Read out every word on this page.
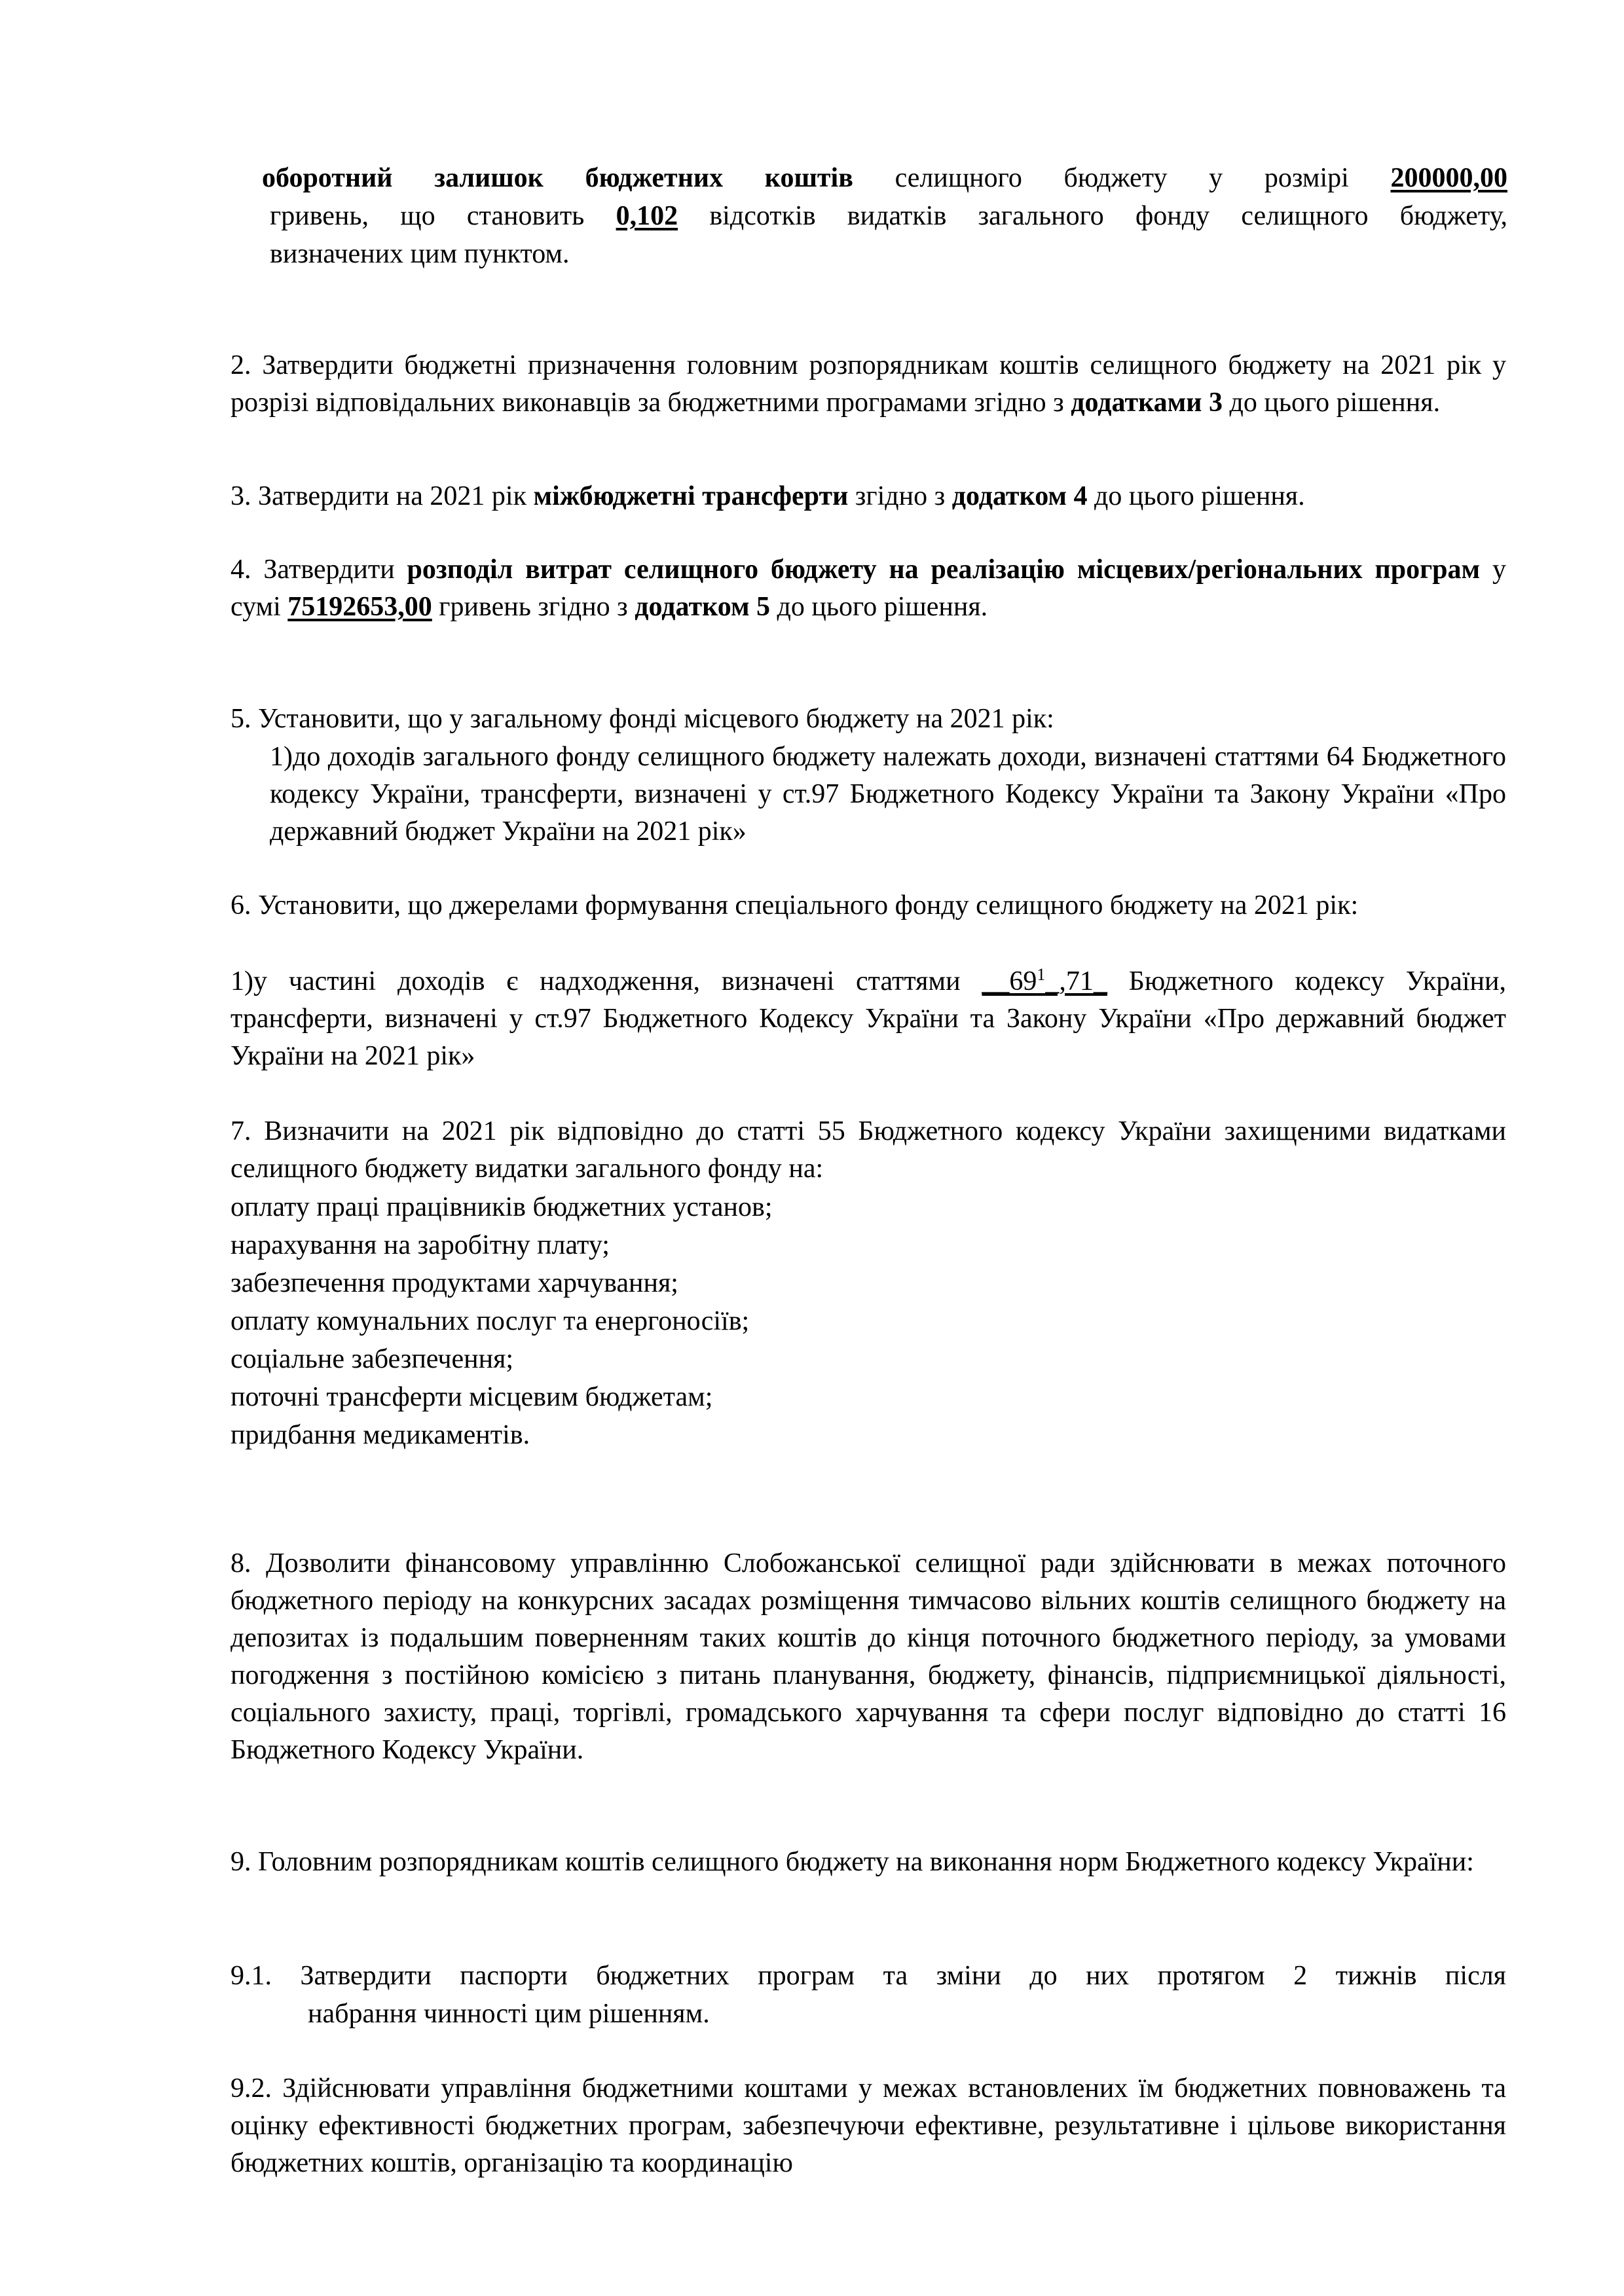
оборотний залишок бюджетних коштів селищного бюджету у розмірі 200000,00
гривень, що становить 0,102 відсотків видатків загального фонду селищного бюджету,
визначених цим пунктом.

2. Затвердити бюджетні призначення головним розпорядникам коштів селищного бюджету на 2021 рік у розрізі відповідальних виконавців за бюджетними програмами згідно з додатками 3 до цього рішення.

3. Затвердити на 2021 рік міжбюджетні трансферти згідно з додатком 4 до цього рішення.

4. Затвердити розподіл витрат селищного бюджету на реалізацію місцевих/регіональних програм у сумі 75192653,00 гривень згідно з додатком 5 до цього рішення.

5. Установити, що у загальному фонді місцевого бюджету на 2021 рік:

1)до доходів загального фонду селищного бюджету належать доходи, визначені статтями 64 Бюджетного кодексу України, трансферти, визначені у ст.97 Бюджетного Кодексу України та Закону України «Про державний бюджет України на 2021 рік»

6. Установити, що джерелами формування спеціального фонду селищного бюджету на 2021 рік:

1)у частині доходів є надходження, визначені статтями $\_\_69^1\_,71\_$ Бюджетного кодексу України, трансферти, визначені у ст.97 Бюджетного Кодексу України та Закону України «Про державний бюджет України на 2021 рік»

7. Визначити на 2021 рік відповідно до статті 55 Бюджетного кодексу України захищеними видатками селищного бюджету видатки загального фонду на:

оплату праці працівників бюджетних установ;
нарахування на заробітну плату;
забезпечення продуктами харчування;
оплату комунальних послуг та енергоносіїв;
соціальне забезпечення;
поточні трансферти місцевим бюджетам;
придбання медикаментів.

8. Дозволити фінансовому управлінню Слобожанської селищної ради здійснювати в межах поточного бюджетного періоду на конкурсних засадах розміщення тимчасово вільних коштів селищного бюджету на депозитах із подальшим поверненням таких коштів до кінця поточного бюджетного періоду, за умовами погодження з постійною комісією з питань планування, бюджету, фінансів, підприємницької діяльності, соціального захисту, праці, торгівлі, громадського харчування та сфери послуг відповідно до статті 16 Бюджетного Кодексу України.

9. Головним розпорядникам коштів селищного бюджету на виконання норм Бюджетного кодексу України:

9.1. Затвердити паспорти бюджетних програм та зміни до них протягом 2 тижнів після
набрання чинності цим рішенням.

9.2. Здійснювати управління бюджетними коштами у межах встановлених їм бюджетних повноважень та оцінку ефективності бюджетних програм, забезпечуючи ефективне, результативне і цільове використання бюджетних коштів, організацію та координацію
